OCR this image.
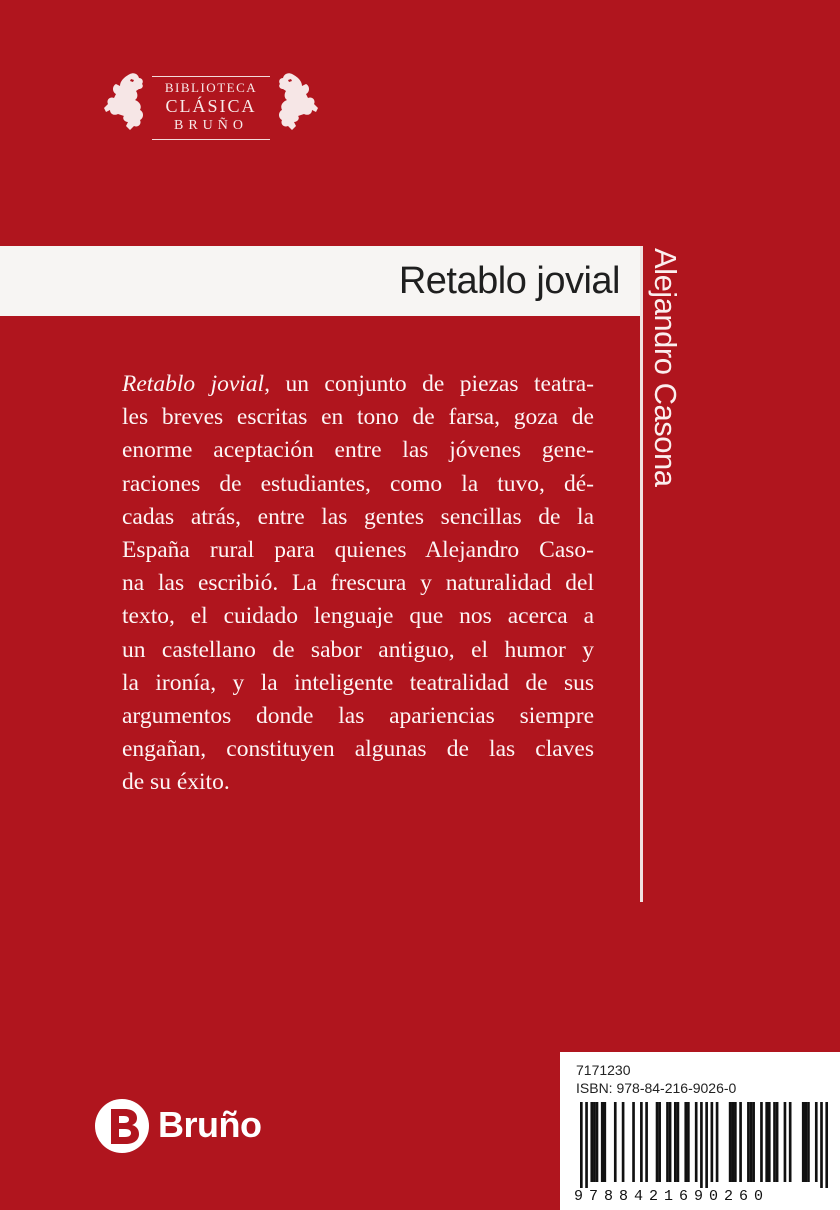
BIBLIOTECA
CLÁSICA
BRUÑO
Retablo jovial Alejandro Casona

Retablo jovial, un conjunto de piezas teatra-
les breves escritas en tono de farsa, goza de
enorme aceptación entre las jóvenes gene-
raciones de estudiantes, como la tuvo, dé-
cadas atrás, entre las gentes sencillas de la
España rural para quienes Alejandro Caso-
na las escribió. La frescura y naturalidad del
texto, el cuidado lenguaje que nos acerca a
un castellano de sabor antiguo, el humor y
la ironía, y la inteligente teatralidad de sus
argumentos donde las apariencias siempre
engañan, constituyen algunas de las claves
de su éxito.

Bruño
7171230
ISBN: 978-84-216-9026-0
9788421690260
